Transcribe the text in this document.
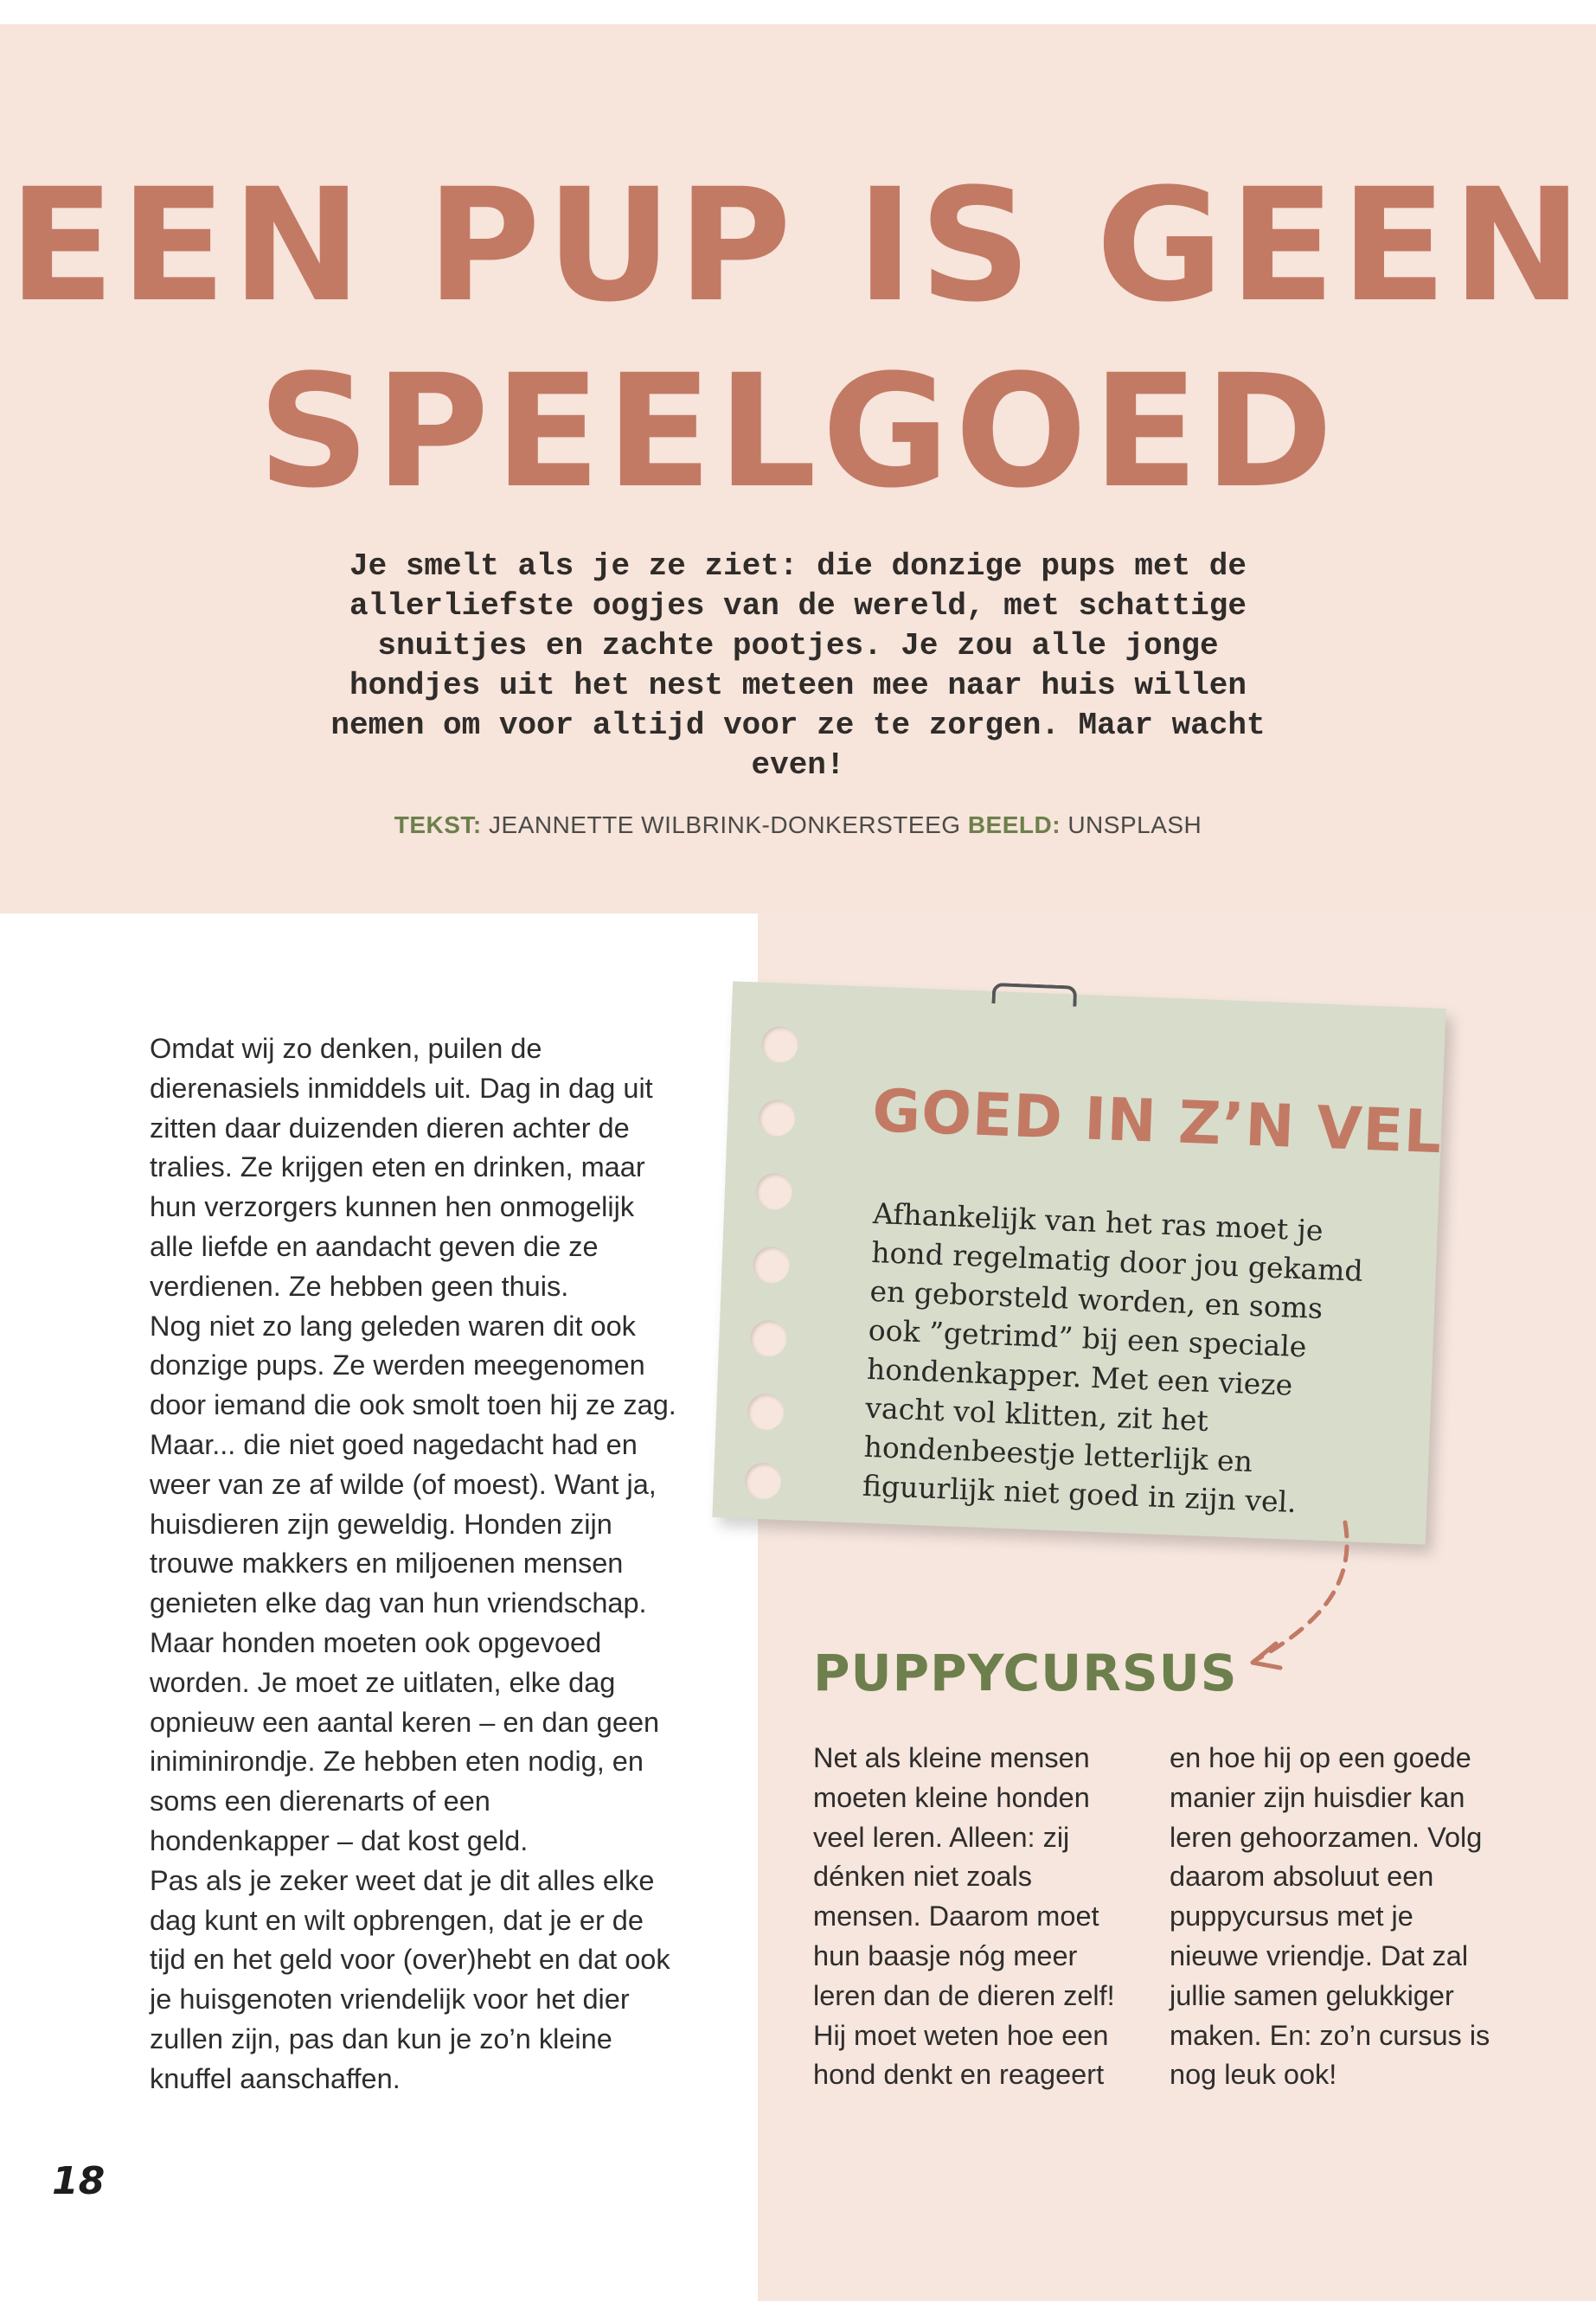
EEN PUP IS GEEN
SPEELGOED

Je smelt als je ze ziet: die donzige pups met de allerliefste oogjes van de wereld, met schattige snuitjes en zachte pootjes. Je zou alle jonge hondjes uit het nest meteen mee naar huis willen nemen om voor altijd voor ze te zorgen. Maar wacht even!

TEKST: JEANNETTE WILBRINK-DONKERSTEEG BEELD: UNSPLASH
Omdat wij zo denken, puilen de dierenasiels inmiddels uit. Dag in dag uit zitten daar duizenden dieren achter de tralies. Ze krijgen eten en drinken, maar hun verzorgers kunnen hen onmogelijk alle liefde en aandacht geven die ze verdienen. Ze hebben geen thuis.
Nog niet zo lang geleden waren dit ook donzige pups. Ze werden meegenomen door iemand die ook smolt toen hij ze zag. Maar... die niet goed nagedacht had en weer van ze af wilde (of moest). Want ja, huisdieren zijn geweldig. Honden zijn trouwe makkers en miljoenen mensen genieten elke dag van hun vriendschap. Maar honden moeten ook opgevoed worden. Je moet ze uitlaten, elke dag opnieuw een aantal keren – en dan geen iniminirondje. Ze hebben eten nodig, en soms een dierenarts of een hondenkapper – dat kost geld.
Pas als je zeker weet dat je dit alles elke dag kunt en wilt opbrengen, dat je er de tijd en het geld voor (over)hebt en dat ook je huisgenoten vriendelijk voor het dier zullen zijn, pas dan kun je zo’n kleine knuffel aanschaffen.
GOED IN Z’N VEL

Afhankelijk van het ras moet je hond regelmatig door jou gekamd en geborsteld worden, en soms ook ”getrimd” bij een speciale hondenkapper. Met een vieze vacht vol klitten, zit het hondenbeestje letterlijk en figuurlijk niet goed in zijn vel.

PUPPYCURSUS

Net als kleine mensen moeten kleine honden veel leren. Alleen: zij dénken niet zoals mensen. Daarom moet hun baasje nóg meer leren dan de dieren zelf! Hij moet weten hoe een hond denkt en reageert

en hoe hij op een goede manier zijn huisdier kan leren gehoorzamen. Volg daarom absoluut een puppycursus met je nieuwe vriendje. Dat zal jullie samen gelukkiger maken. En: zo’n cursus is nog leuk ook!

18
